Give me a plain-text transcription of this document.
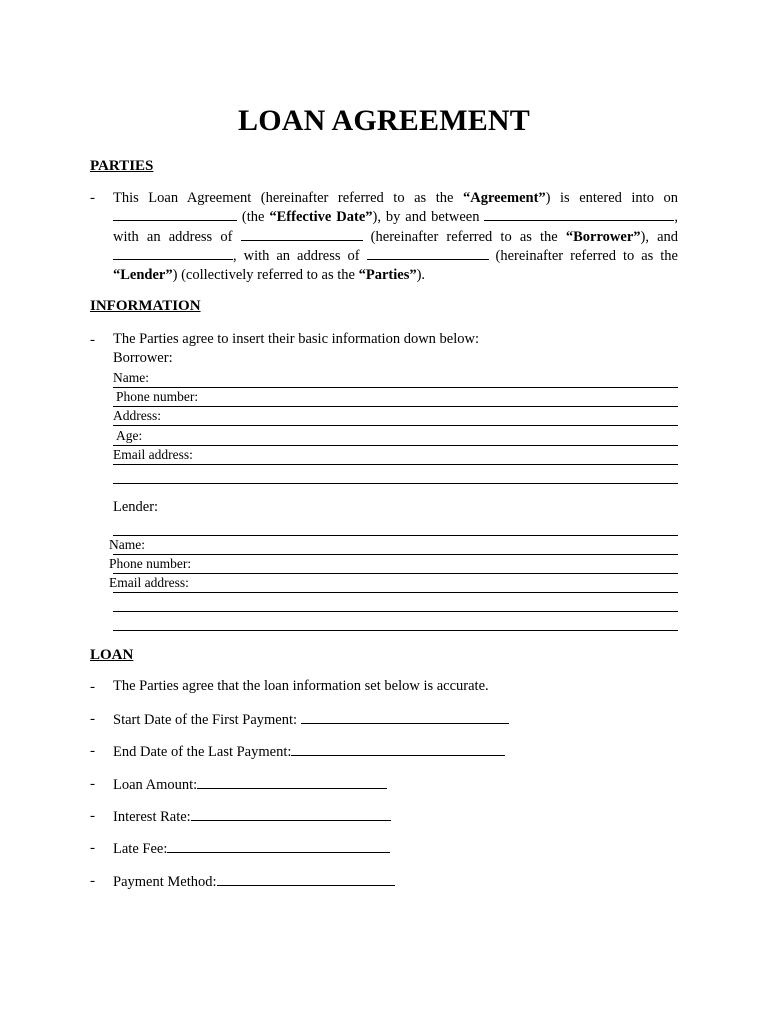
LOAN AGREEMENT
PARTIES
- This Loan Agreement (hereinafter referred to as the “Agreement”) is entered into on
(the “Effective Date”), by and between	,
with an address of	(hereinafter referred to as the “Borrower”), and
, with an address of	(hereinafter referred to as the
“Lender”) (collectively referred to as the “Parties”).
INFORMATION
- The Parties agree to insert their basic information down below:
Borrower:
Name:
Phone number:
Address:
Age:
Email address:
Lender:
Name:
Phone number:
Email address:
LOAN
- The Parties agree that the loan information set below is accurate.
- Start Date of the First Payment:
- End Date of the Last Payment:
- Loan Amount:
- Interest Rate:
- Late Fee:
- Payment Method:
